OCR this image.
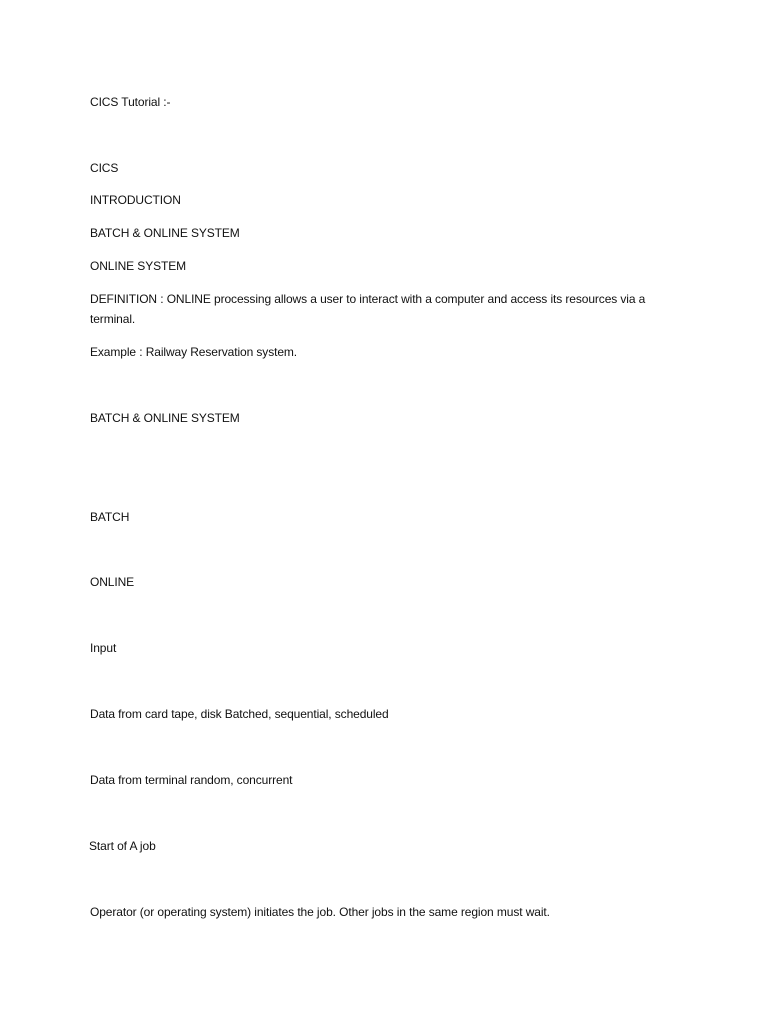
CICS Tutorial :-
CICS
INTRODUCTION
BATCH & ONLINE SYSTEM
ONLINE SYSTEM
DEFINITION : ONLINE processing allows a user to interact with a computer and access its resources via a terminal.
Example : Railway Reservation system.
BATCH & ONLINE SYSTEM
BATCH
ONLINE
Input
Data from card tape, disk Batched, sequential, scheduled
Data from terminal random, concurrent
Start of A job
Operator (or operating system) initiates the job. Other jobs in the same region must wait.
